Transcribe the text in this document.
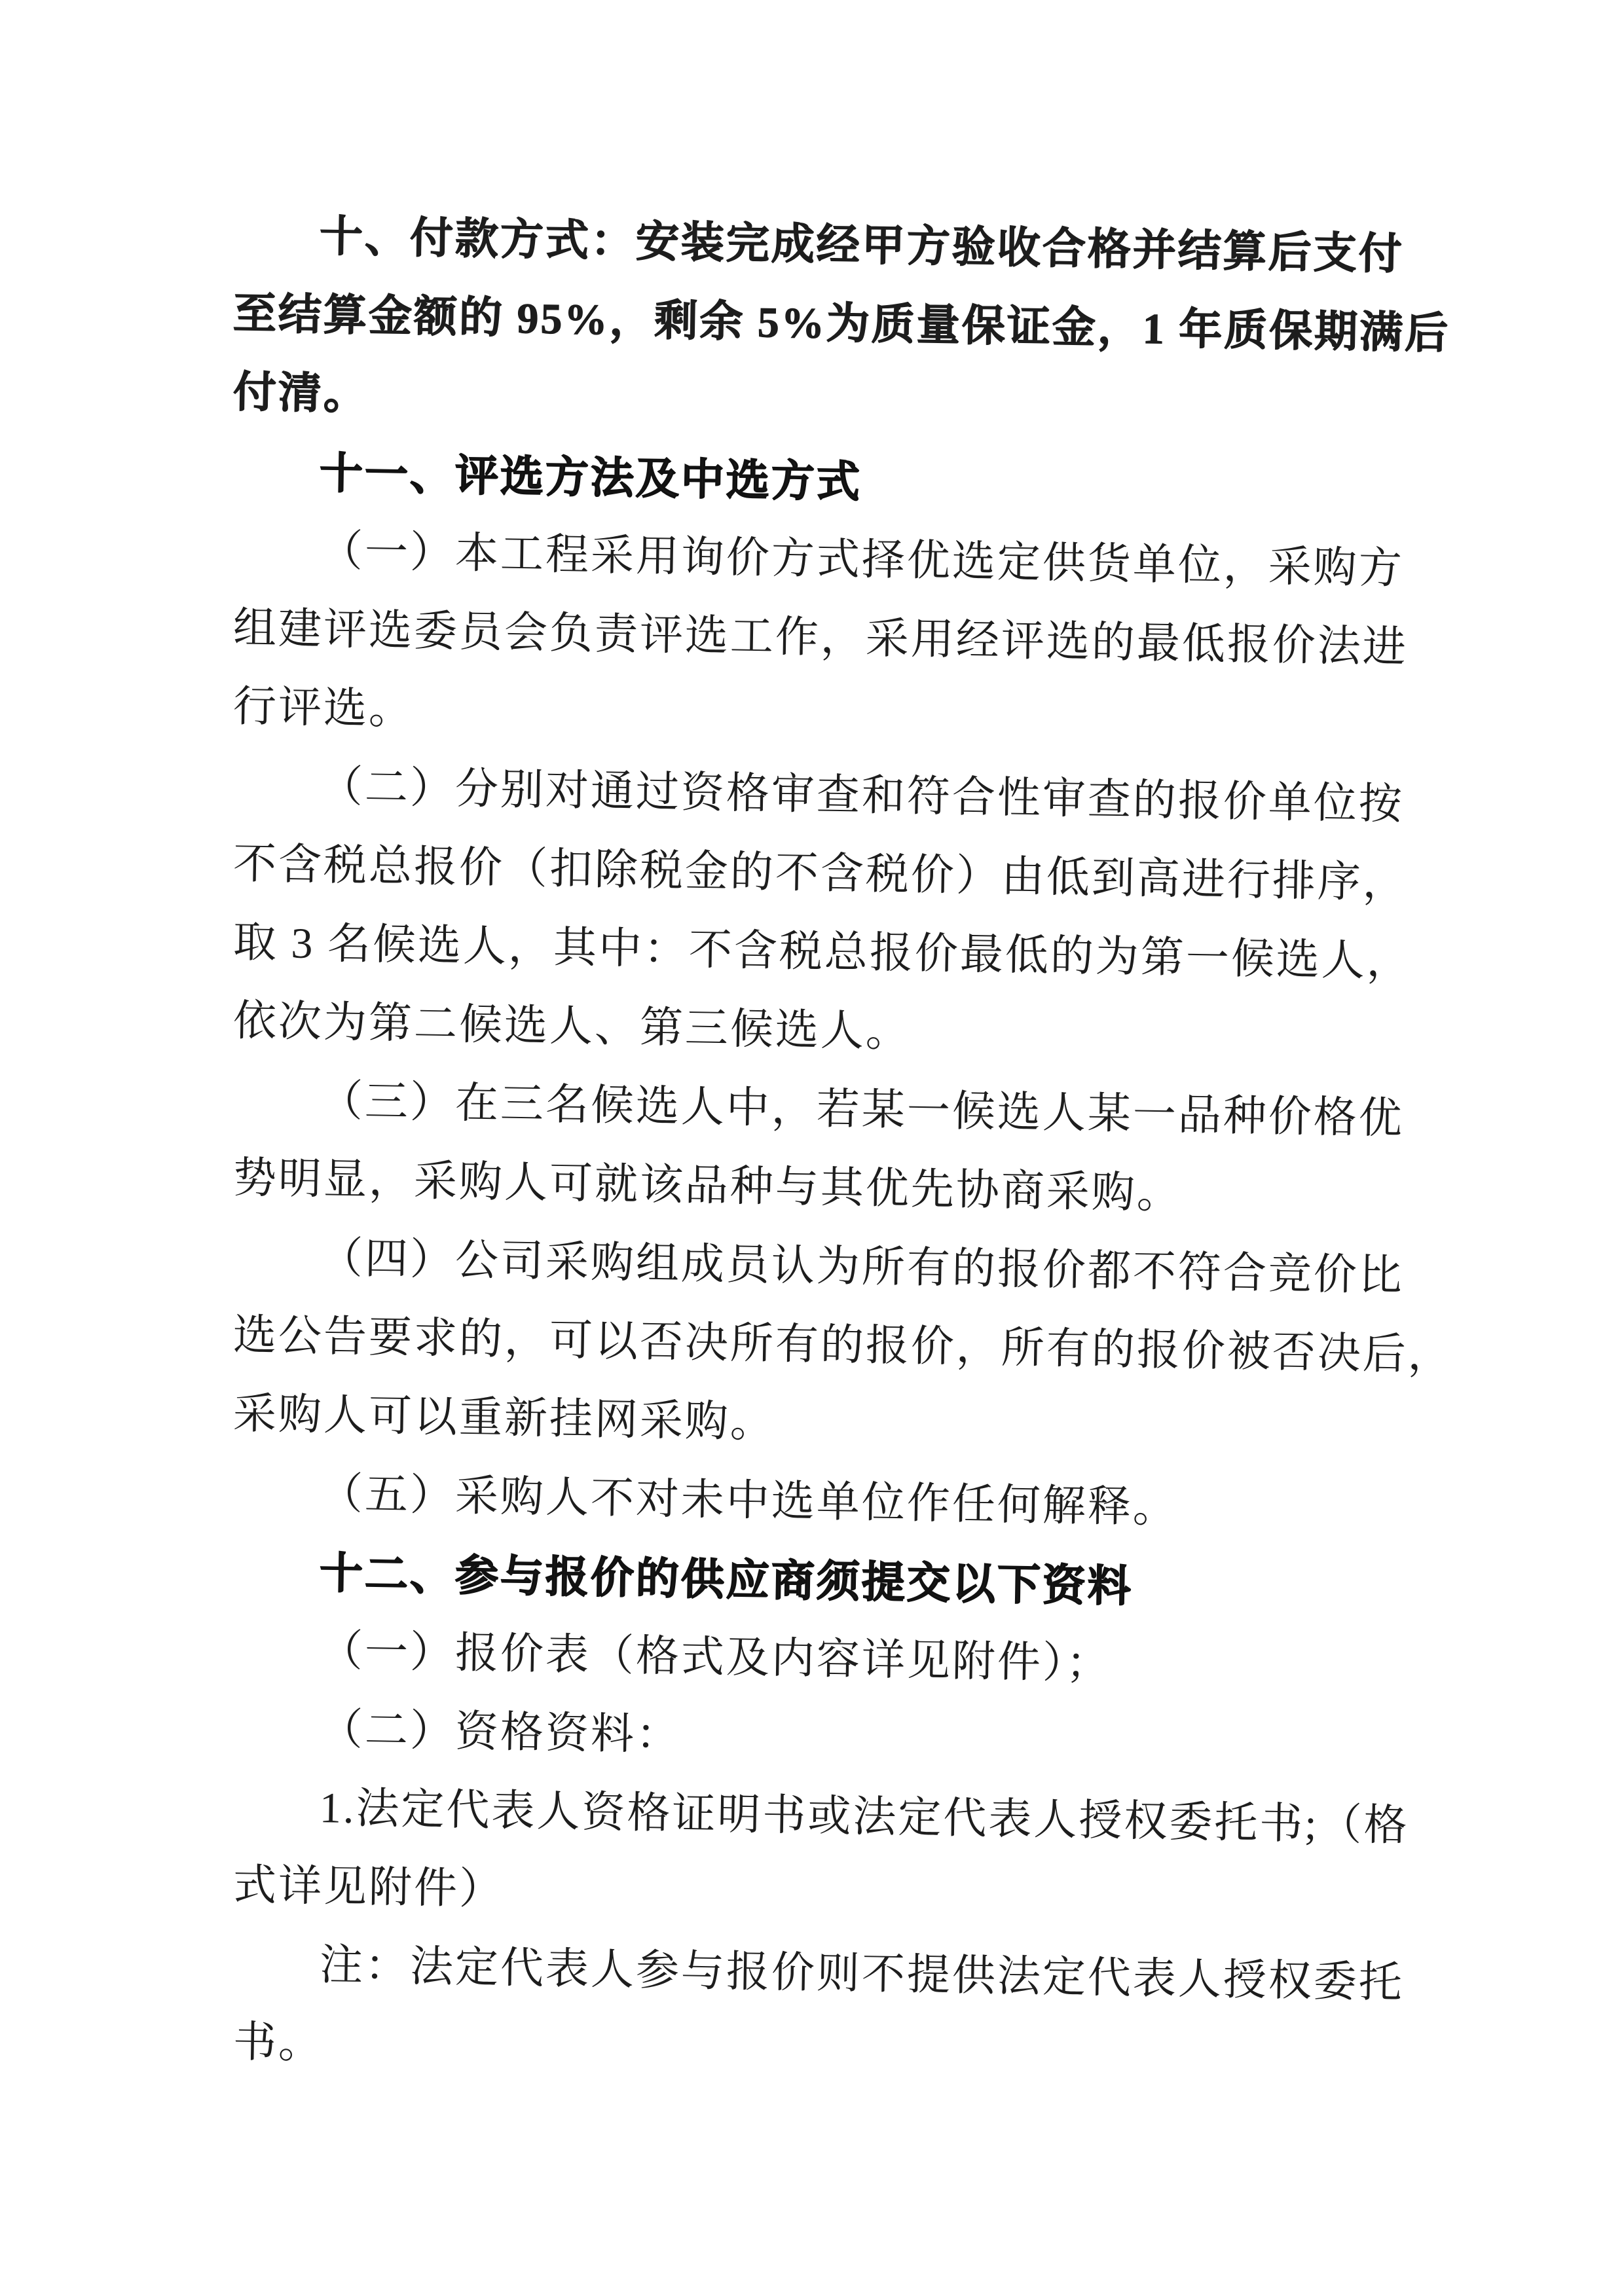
十、付款方式：安装完成经甲方验收合格并结算后支付
至结算金额的 95%，剩余 5%为质量保证金，1 年质保期满后
付清。
十一、评选方法及中选方式
（一）本工程采用询价方式择优选定供货单位，采购方
组建评选委员会负责评选工作，采用经评选的最低报价法进
行评选。
（二）分别对通过资格审查和符合性审查的报价单位按
不含税总报价（扣除税金的不含税价）由低到高进行排序，
取 3 名候选人，其中：不含税总报价最低的为第一候选人，
依次为第二候选人、第三候选人。
（三）在三名候选人中，若某一候选人某一品种价格优
势明显，采购人可就该品种与其优先协商采购。
（四）公司采购组成员认为所有的报价都不符合竞价比
选公告要求的，可以否决所有的报价，所有的报价被否决后，
采购人可以重新挂网采购。
（五）采购人不对未中选单位作任何解释。
十二、参与报价的供应商须提交以下资料
（一）报价表（格式及内容详见附件）；
（二）资格资料：
1.法定代表人资格证明书或法定代表人授权委托书;（格
式详见附件）
注：法定代表人参与报价则不提供法定代表人授权委托
书。
